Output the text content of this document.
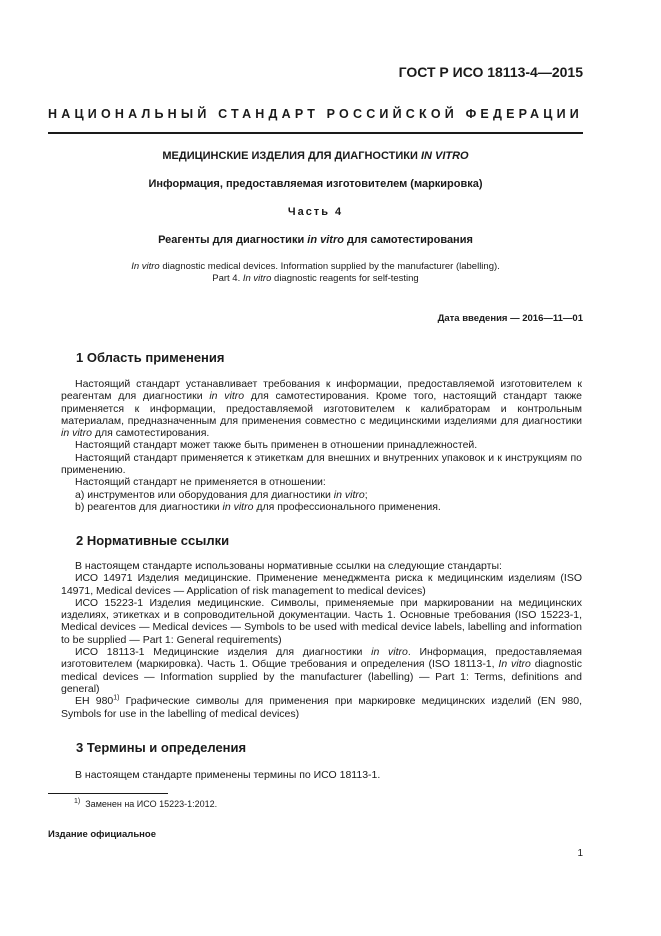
ГОСТ Р ИСО 18113-4—2015
НАЦИОНАЛЬНЫЙ СТАНДАРТ РОССИЙСКОЙ ФЕДЕРАЦИИ
МЕДИЦИНСКИЕ ИЗДЕЛИЯ ДЛЯ ДИАГНОСТИКИ IN VITRO
Информация, предоставляемая изготовителем (маркировка)
Часть 4
Реагенты для диагностики in vitro для самотестирования
In vitro diagnostic medical devices. Information supplied by the manufacturer (labelling).
Part 4. In vitro diagnostic reagents for self-testing
Дата введения — 2016—11—01
1 Область применения

Настоящий стандарт устанавливает требования к информации, предоставляемой изготовителем к реагентам для диагностики in vitro для самотестирования. Кроме того, настоящий стандарт также применяется к информации, предоставляемой изготовителем к калибраторам и контрольным материалам, предназначенным для применения совместно с медицинскими изделиями для диагностики in vitro для самотестирования.

Настоящий стандарт может также быть применен в отношении принадлежностей.

Настоящий стандарт применяется к этикеткам для внешних и внутренних упаковок и к инструкциям по применению.

Настоящий стандарт не применяется в отношении:

a) инструментов или оборудования для диагностики in vitro;

b) реагентов для диагностики in vitro для профессионального применения.

2 Нормативные ссылки

В настоящем стандарте использованы нормативные ссылки на следующие стандарты:

ИСО 14971 Изделия медицинские. Применение менеджмента риска к медицинским изделиям (ISO 14971, Medical devices — Application of risk management to medical devices)

ИСО 15223-1 Изделия медицинские. Символы, применяемые при маркировании на медицинских изделиях, этикетках и в сопроводительной документации. Часть 1. Основные требования (ISO 15223-1, Medical devices — Medical devices — Symbols to be used with medical device labels, labelling and information to be supplied — Part 1: General requirements)

ИСО 18113-1 Медицинские изделия для диагностики in vitro. Информация, предоставляемая изготовителем (маркировка). Часть 1. Общие требования и определения (ISO 18113-1, In vitro diagnostic medical devices — Information supplied by the manufacturer (labelling) — Part 1: Terms, definitions and general)

ЕН 980$^{1)}$ Графические символы для применения при маркировке медицинских изделий (EN 980, Symbols for use in the labelling of medical devices)

3 Термины и определения

В настоящем стандарте применены термины по ИСО 18113-1.

$^{1)}$ Заменен на ИСО 15223-1:2012.
Издание официальное
1
